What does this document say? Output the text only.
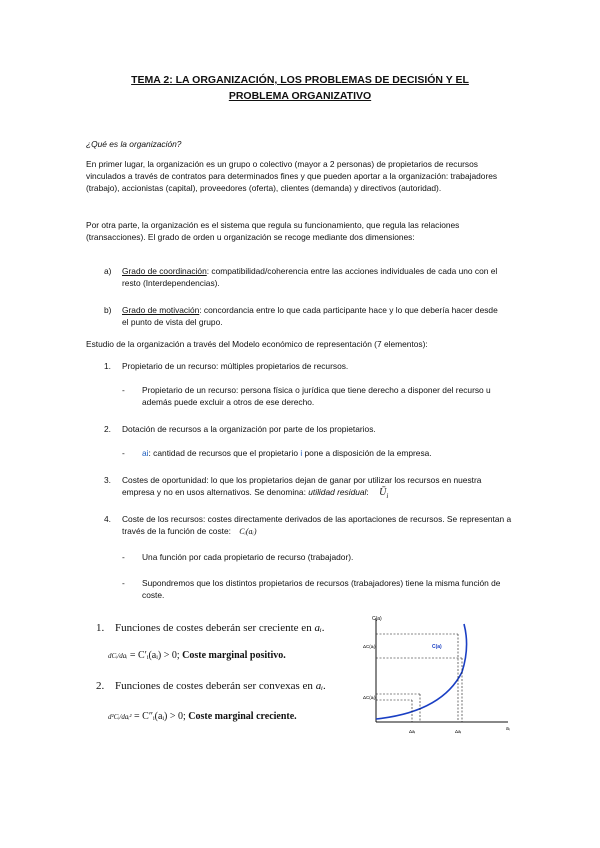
TEMA 2: LA ORGANIZACIÓN, LOS PROBLEMAS DE DECISIÓN Y EL
PROBLEMA ORGANIZATIVO
¿Qué es la organización?
En primer lugar, la organización es un grupo o colectivo (mayor a 2 personas) de propietarios de recursos vinculados a través de contratos para determinados fines y que pueden aportar a la organización: trabajadores (trabajo), accionistas (capital), proveedores (oferta), clientes (demanda) y directivos (autoridad).
Por otra parte, la organización es el sistema que regula su funcionamiento, que regula las relaciones (transacciones). El grado de orden u organización se recoge mediante dos dimensiones:
a) Grado de coordinación: compatibilidad/coherencia entre las acciones individuales de cada uno con el resto (Interdependencias).
b) Grado de motivación: concordancia entre lo que cada participante hace y lo que debería hacer desde el punto de vista del grupo.
Estudio de la organización a través del Modelo económico de representación (7 elementos):
1. Propietario de un recurso: múltiples propietarios de recursos.
- Propietario de un recurso: persona física o jurídica que tiene derecho a disponer del recurso u además puede excluir a otros de ese derecho.
2. Dotación de recursos a la organización por parte de los propietarios.
- ai: cantidad de recursos que el propietario i pone a disposición de la empresa.
3. Costes de oportunidad: lo que los propietarios dejan de ganar por utilizar los recursos en nuestra empresa y no en usos alternativos. Se denomina: utilidad residual: $Ū_i$
4. Coste de los recursos: costes directamente derivados de las aportaciones de recursos. Se representan a través de la función de coste: Cᵢ(aᵢ)
- Una función por cada propietario de recurso (trabajador).
- Supondremos que los distintos propietarios de recursos (trabajadores) tiene la misma función de coste.
1. Funciones de costes deberán ser creciente en aᵢ.
dCᵢ/daᵢ = C′ᵢ(aᵢ) > 0; Coste marginal positivo.
2. Funciones de costes deberán ser convexas en aᵢ.
d²Cᵢ/daᵢ² = C″ᵢ(aᵢ) > 0; Coste marginal creciente.
C(a)
aᵢ
C(a)
ΔC(aᵢ)
ΔC(aᵢ)
Δaᵢ	Δaᵢ
